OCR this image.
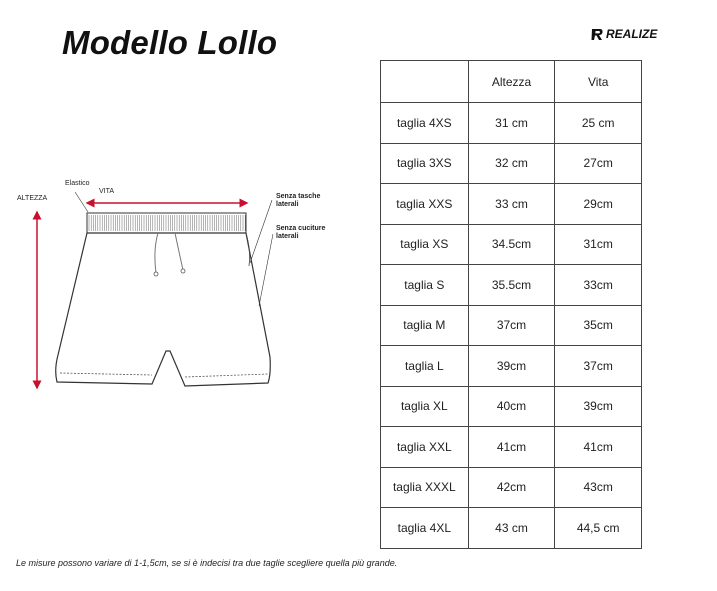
Modello Lollo	REALIZE
ALTEZZA
Elastico
VITA
Senza tasche laterali
Senza cuciture laterali
	Altezza	Vita
taglia 4XS	31 cm	25 cm
taglia 3XS	32 cm	27cm
taglia XXS	33 cm	29cm
taglia XS	34.5cm	31cm
taglia S	35.5cm	33cm
taglia M	37cm	35cm
taglia L	39cm	37cm
taglia XL	40cm	39cm
taglia XXL	41cm	41cm
taglia XXXL	42cm	43cm
taglia 4XL	43 cm	44,5 cm
Le misure possono variare di 1-1,5cm, se si è indecisi tra due taglie scegliere quella più grande.
